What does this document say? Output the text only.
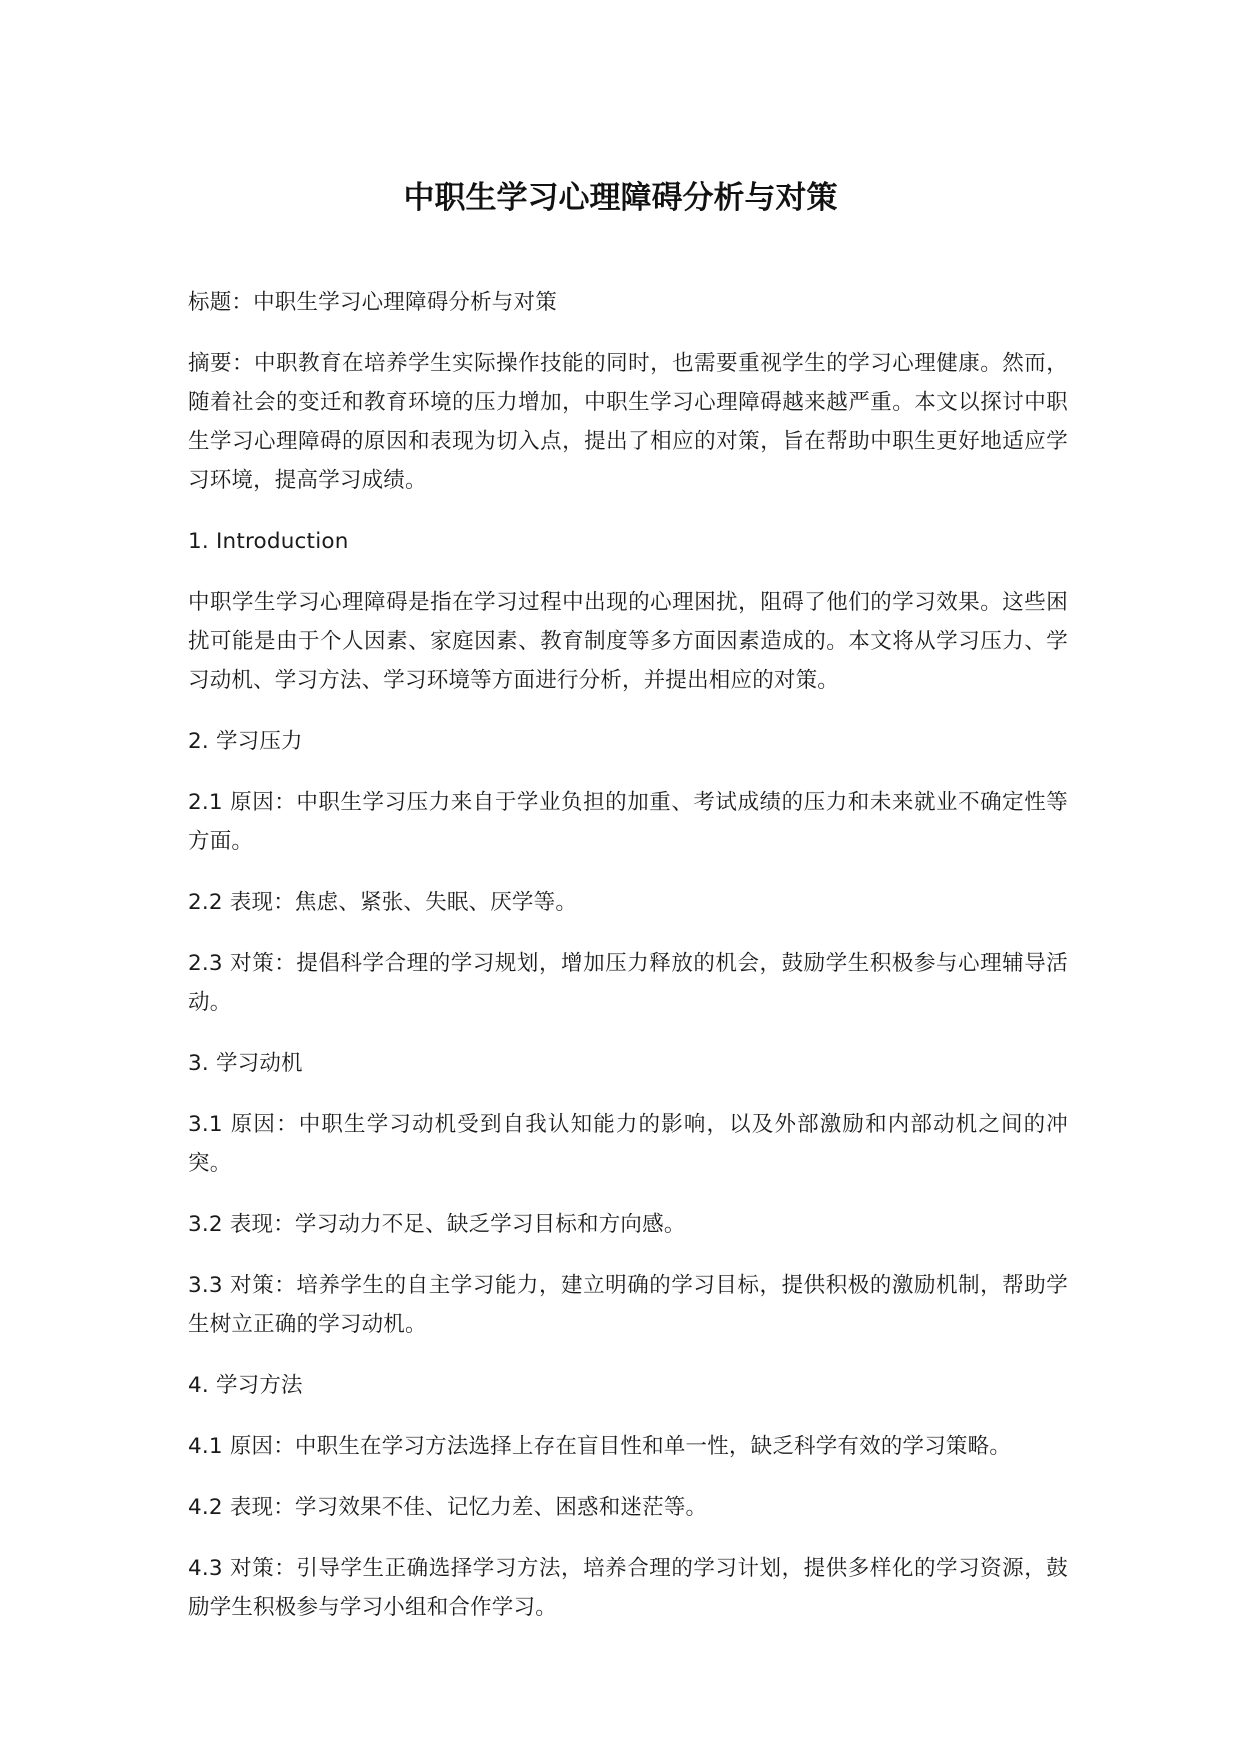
中职生学习心理障碍分析与对策

标题：中职生学习心理障碍分析与对策

摘要：中职教育在培养学生实际操作技能的同时，也需要重视学生的学习心理健康。然而，随着社会的变迁和教育环境的压力增加，中职生学习心理障碍越来越严重。本文以探讨中职生学习心理障碍的原因和表现为切入点，提出了相应的对策，旨在帮助中职生更好地适应学习环境，提高学习成绩。

1. Introduction

中职学生学习心理障碍是指在学习过程中出现的心理困扰，阻碍了他们的学习效果。这些困扰可能是由于个人因素、家庭因素、教育制度等多方面因素造成的。本文将从学习压力、学习动机、学习方法、学习环境等方面进行分析，并提出相应的对策。

2. 学习压力

2.1 原因：中职生学习压力来自于学业负担的加重、考试成绩的压力和未来就业不确定性等方面。

2.2 表现：焦虑、紧张、失眠、厌学等。

2.3 对策：提倡科学合理的学习规划，增加压力释放的机会，鼓励学生积极参与心理辅导活动。

3. 学习动机

3.1 原因：中职生学习动机受到自我认知能力的影响，以及外部激励和内部动机之间的冲突。

3.2 表现：学习动力不足、缺乏学习目标和方向感。

3.3 对策：培养学生的自主学习能力，建立明确的学习目标，提供积极的激励机制，帮助学生树立正确的学习动机。

4. 学习方法

4.1 原因：中职生在学习方法选择上存在盲目性和单一性，缺乏科学有效的学习策略。

4.2 表现：学习效果不佳、记忆力差、困惑和迷茫等。

4.3 对策：引导学生正确选择学习方法，培养合理的学习计划，提供多样化的学习资源，鼓励学生积极参与学习小组和合作学习。
